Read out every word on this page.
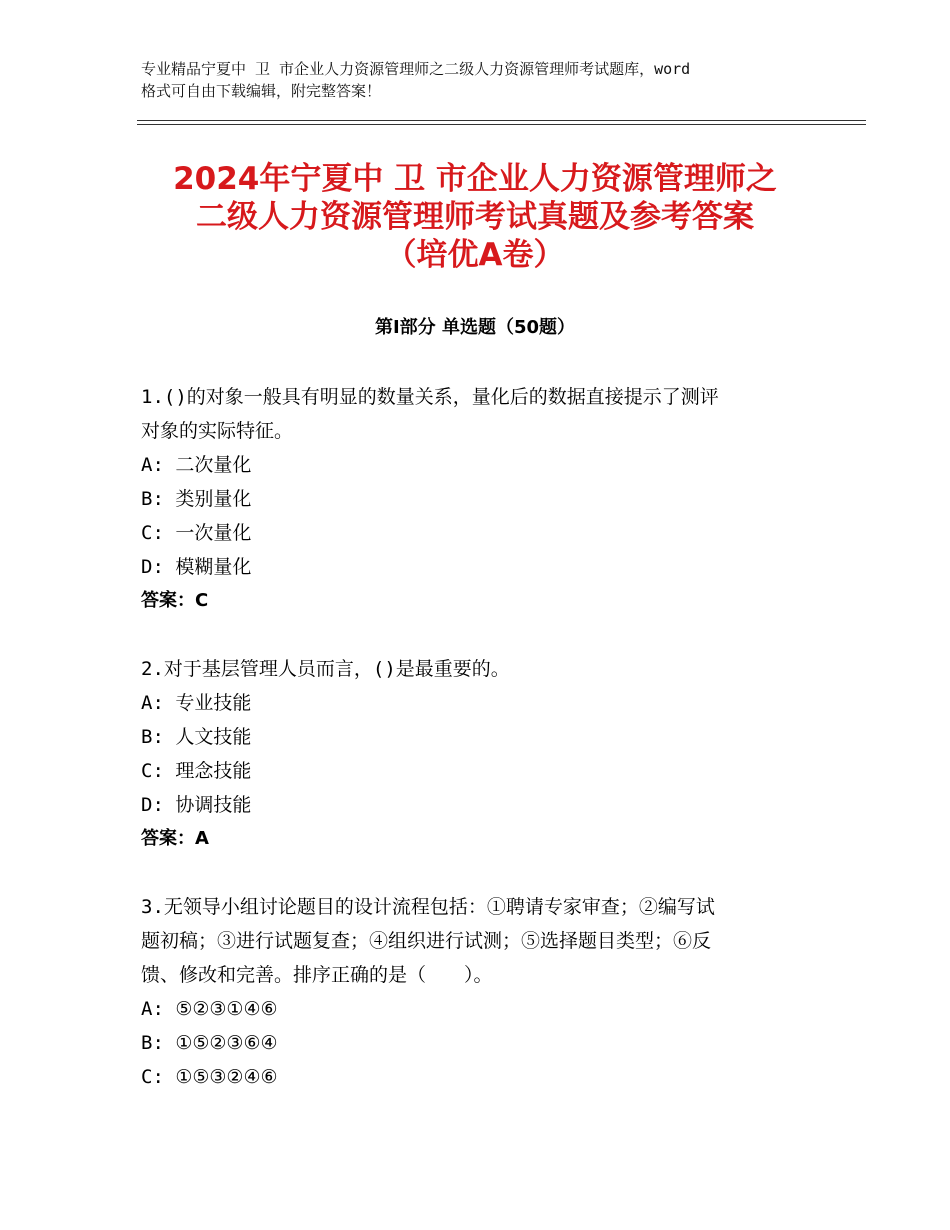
专业精品宁夏中 卫 市企业人力资源管理师之二级人力资源管理师考试题库，word
格式可自由下载编辑，附完整答案！
2024年宁夏中 卫 市企业人力资源管理师之
二级人力资源管理师考试真题及参考答案
（培优A卷）
第Ⅰ部分 单选题（50题）

1.()的对象一般具有明显的数量关系，量化后的数据直接提示了测评

对象的实际特征。

A: 二次量化

B: 类别量化

C: 一次量化

D: 模糊量化

答案：C

2.对于基层管理人员而言，()是最重要的。

A: 专业技能

B: 人文技能

C: 理念技能

D: 协调技能

答案：A

3.无领导小组讨论题目的设计流程包括：①聘请专家审查；②编写试

题初稿；③进行试题复查；④组织进行试测；⑤选择题目类型；⑥反

馈、修改和完善。排序正确的是（　　）。

A: ⑤②③①④⑥

B: ①⑤②③⑥④

C: ①⑤③②④⑥
